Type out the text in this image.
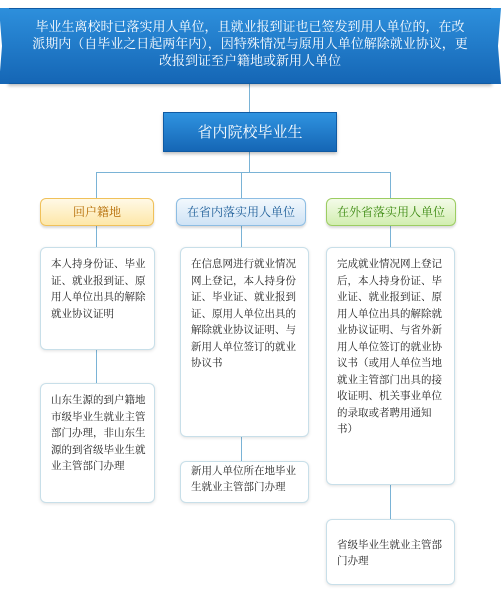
毕业生离校时已落实用人单位，且就业报到证也已签发到用人单位的，在改派期内（自毕业之日起两年内），因特殊情况与原用人单位解除就业协议，更改报到证至户籍地或新用人单位
省内院校毕业生
回户籍地	在省内落实用人单位	在外省落实用人单位
本人持身份证、毕业证、就业报到证、原用人单位出具的解除就业协议证明
山东生源的到户籍地市级毕业生就业主管部门办理，非山东生源的到省级毕业生就业主管部门办理
在信息网进行就业情况网上登记，本人持身份证、毕业证、就业报到证、原用人单位出具的解除就业协议证明、与新用人单位签订的就业协议书
新用人单位所在地毕业生就业主管部门办理
完成就业情况网上登记后，本人持身份证、毕业证、就业报到证、原用人单位出具的解除就业协议证明、与省外新用人单位签订的就业协议书（或用人单位当地就业主管部门出具的接收证明、机关事业单位的录取或者聘用通知书）
省级毕业生就业主管部门办理
